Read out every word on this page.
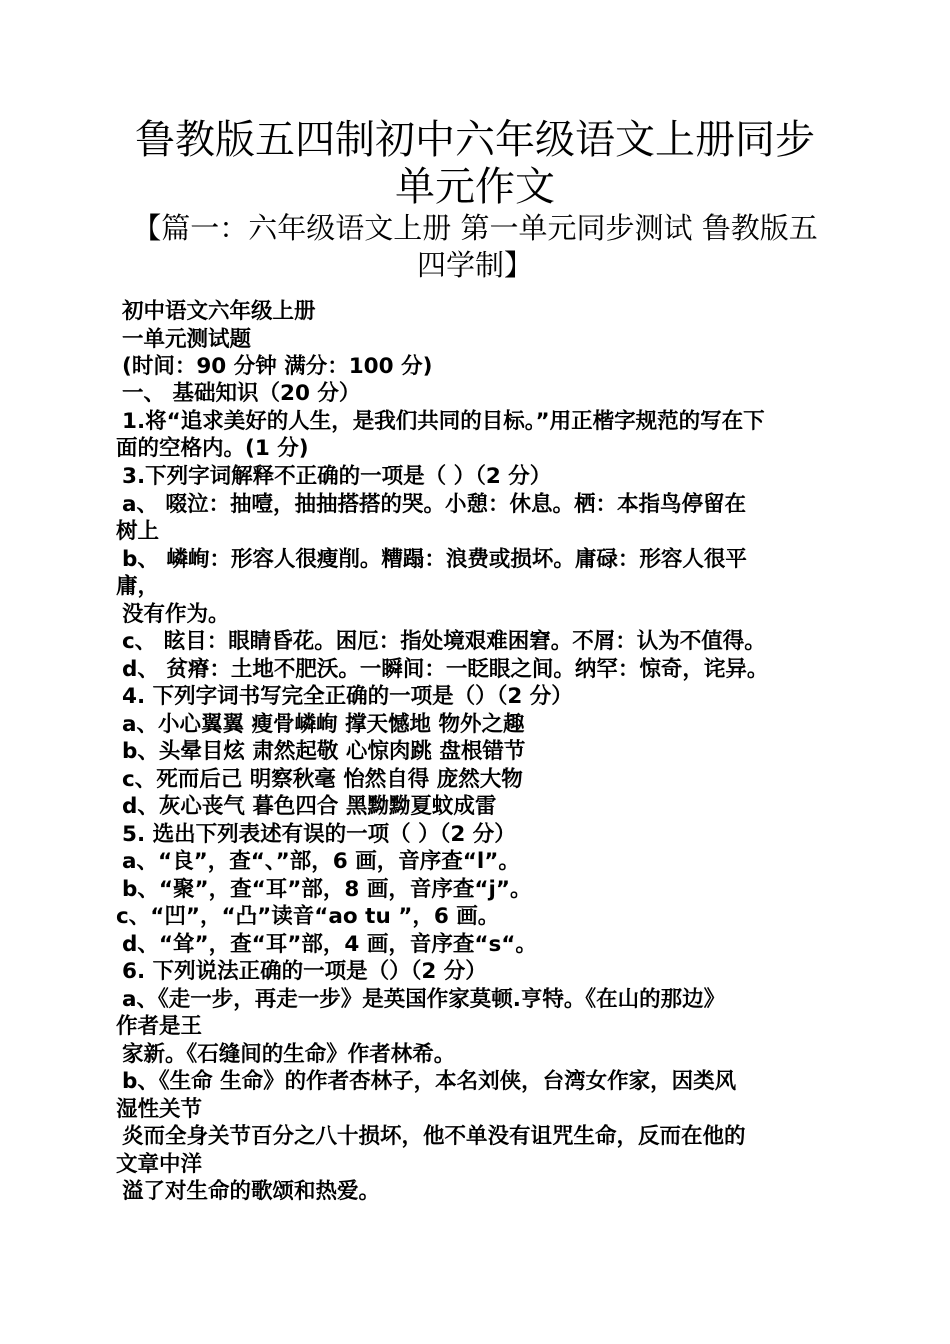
鲁教版五四制初中六年级语文上册同步
单元作文
【篇一：六年级语文上册 第一单元同步测试 鲁教版五
四学制】
初中语文六年级上册
一单元测试题
(时间：90 分钟 满分：100 分)
一、 基础知识（20 分）
1.将“追求美好的人生，是我们共同的目标。”用正楷字规范的写在下
面的空格内。(1 分)
3.下列字词解释不正确的一项是（ ）（2 分）
a、 啜泣：抽噎，抽抽搭搭的哭。小憩：休息。栖：本指鸟停留在
树上
b、 嶙峋：形容人很瘦削。糟蹋：浪费或损坏。庸碌：形容人很平
庸，
没有作为。
c、 眩目：眼睛昏花。困厄：指处境艰难困窘。不屑：认为不值得。
d、 贫瘠：土地不肥沃。一瞬间：一眨眼之间。纳罕：惊奇，诧异。
4. 下列字词书写完全正确的一项是（）（2 分）
a、小心翼翼 瘦骨嶙峋 撑天憾地 物外之趣
b、头晕目炫 肃然起敬 心惊肉跳 盘根错节
c、死而后己 明察秋毫 怡然自得 庞然大物
d、灰心丧气 暮色四合 黑黝黝夏蚊成雷
5. 选出下列表述有误的一项（ ）（2 分）
a、“良”，查“、”部，6 画，音序查“l”。
b、“聚”，查“耳”部，8 画，音序查“j”。
c、“凹”，“凸”读音“ao tu ”，6 画。
d、“耸”，查“耳”部，4 画，音序查“s“。
6. 下列说法正确的一项是（）（2 分）
a、《走一步，再走一步》是英国作家莫顿.亨特。《在山的那边》
作者是王
家新。《石缝间的生命》作者林希。
b、《生命 生命》的作者杏林子，本名刘侠，台湾女作家，因类风
湿性关节
炎而全身关节百分之八十损坏，他不单没有诅咒生命，反而在他的
文章中洋
溢了对生命的歌颂和热爱。
